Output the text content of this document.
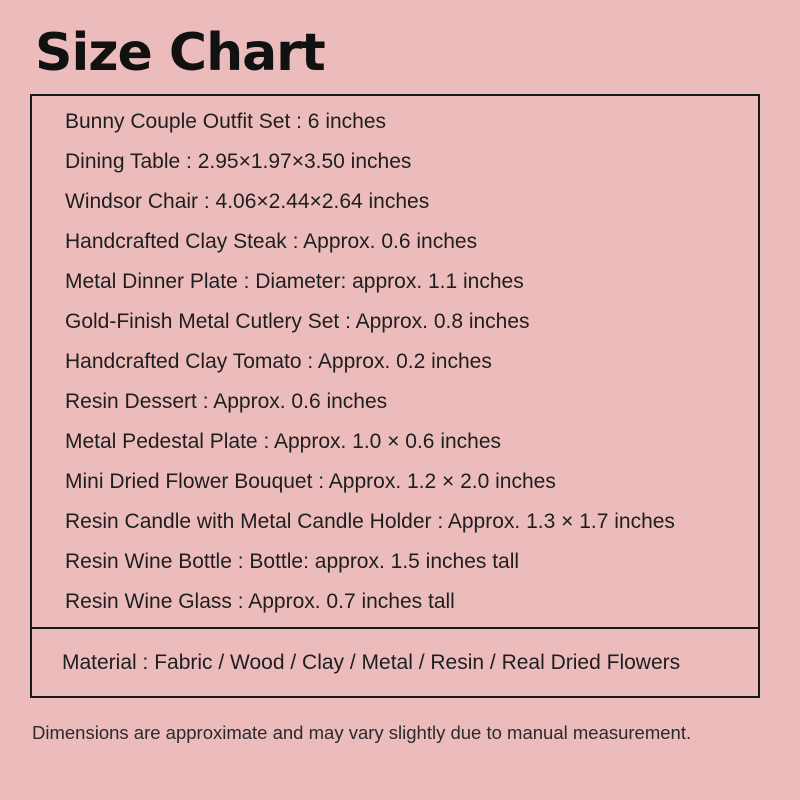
Size Chart
Bunny Couple Outfit Set : 6 inches
Dining Table : 2.95×1.97×3.50 inches
Windsor Chair : 4.06×2.44×2.64 inches
Handcrafted Clay Steak : Approx. 0.6 inches
Metal Dinner Plate : Diameter: approx. 1.1 inches
Gold-Finish Metal Cutlery Set : Approx. 0.8 inches
Handcrafted Clay Tomato : Approx. 0.2 inches
Resin Dessert : Approx. 0.6 inches
Metal Pedestal Plate : Approx. 1.0 × 0.6 inches
Mini Dried Flower Bouquet : Approx. 1.2 × 2.0 inches
Resin Candle with Metal Candle Holder : Approx. 1.3 × 1.7 inches
Resin Wine Bottle : Bottle: approx. 1.5 inches tall
Resin Wine Glass : Approx. 0.7 inches tall
Material : Fabric / Wood / Clay / Metal / Resin / Real Dried Flowers
Dimensions are approximate and may vary slightly due to manual measurement.
